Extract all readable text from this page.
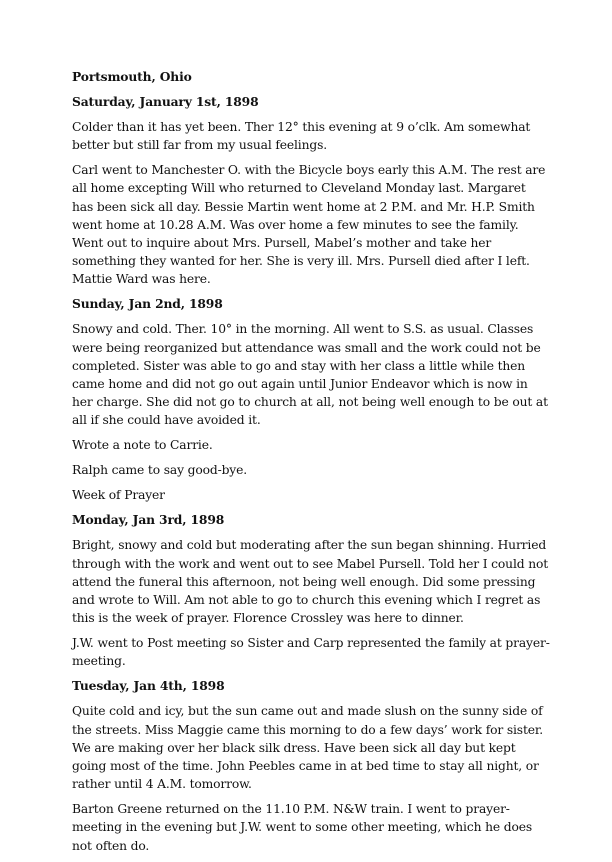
Portsmouth, Ohio
Saturday, January 1st, 1898
Colder than it has yet been. Ther 12° this evening at 9 o’clk. Am somewhat better but still far from my usual feelings.
Carl went to Manchester O. with the Bicycle boys early this A.M. The rest are all home excepting Will who returned to Cleveland Monday last. Margaret has been sick all day. Bessie Martin went home at 2 P.M. and Mr. H.P. Smith went home at 10.28 A.M. Was over home a few minutes to see the family. Went out to inquire about Mrs. Pursell, Mabel’s mother and take her something they wanted for her. She is very ill. Mrs. Pursell died after I left. Mattie Ward was here.
Sunday, Jan 2nd, 1898
Snowy and cold. Ther. 10° in the morning. All went to S.S. as usual. Classes were being reorganized but attendance was small and the work could not be completed. Sister was able to go and stay with her class a little while then came home and did not go out again until Junior Endeavor which is now in her charge. She did not go to church at all, not being well enough to be out at all if she could have avoided it.
Wrote a note to Carrie.
Ralph came to say good-bye.
Week of Prayer
Monday, Jan 3rd, 1898
Bright, snowy and cold but moderating after the sun began shinning. Hurried through with the work and went out to see Mabel Pursell. Told her I could not attend the funeral this afternoon, not being well enough. Did some pressing and wrote to Will. Am not able to go to church this evening which I regret as this is the week of prayer. Florence Crossley was here to dinner.
J.W. went to Post meeting so Sister and Carp represented the family at prayer-meeting.
Tuesday, Jan 4th, 1898
Quite cold and icy, but the sun came out and made slush on the sunny side of the streets. Miss Maggie came this morning to do a few days’ work for sister. We are making over her black silk dress. Have been sick all day but kept going most of the time. John Peebles came in at bed time to stay all night, or rather until 4 A.M. tomorrow.
Barton Greene returned on the 11.10 P.M. N&W train. I went to prayer-meeting in the evening but J.W. went to some other meeting, which he does not often do.
